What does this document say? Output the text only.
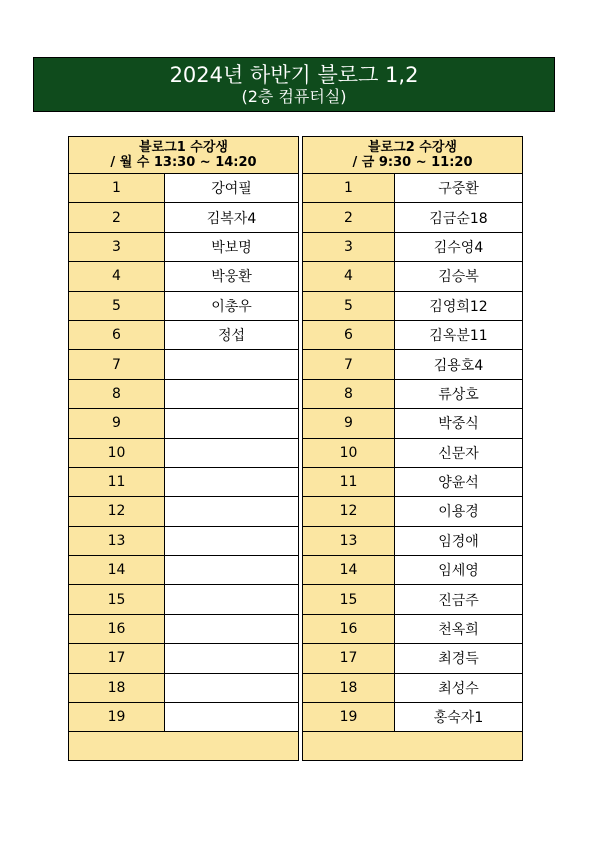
2024년 하반기 블로그 1,2
(2층 컴퓨터실)
블로그1 수강생
/ 월 수 13:30 ~ 14:20	

1	강여필
2	김복자4
3	박보명
4	박웅환
5	이총우
6	정섭
7	
8	
9	
10	
11	
12	
13	
14	
15	
16	
17	
18	
19	

블로그2 수강생
/ 금 9:30 ~ 11:20	

1	구중환
2	김금순18
3	김수영4
4	김승복
5	김영희12
6	김옥분11
7	김용호4
8	류상호
9	박중식
10	신문자
11	양윤석
12	이용경
13	임경애
14	임세영
15	진금주
16	천옥희
17	최경득
18	최성수
19	홍숙자1
